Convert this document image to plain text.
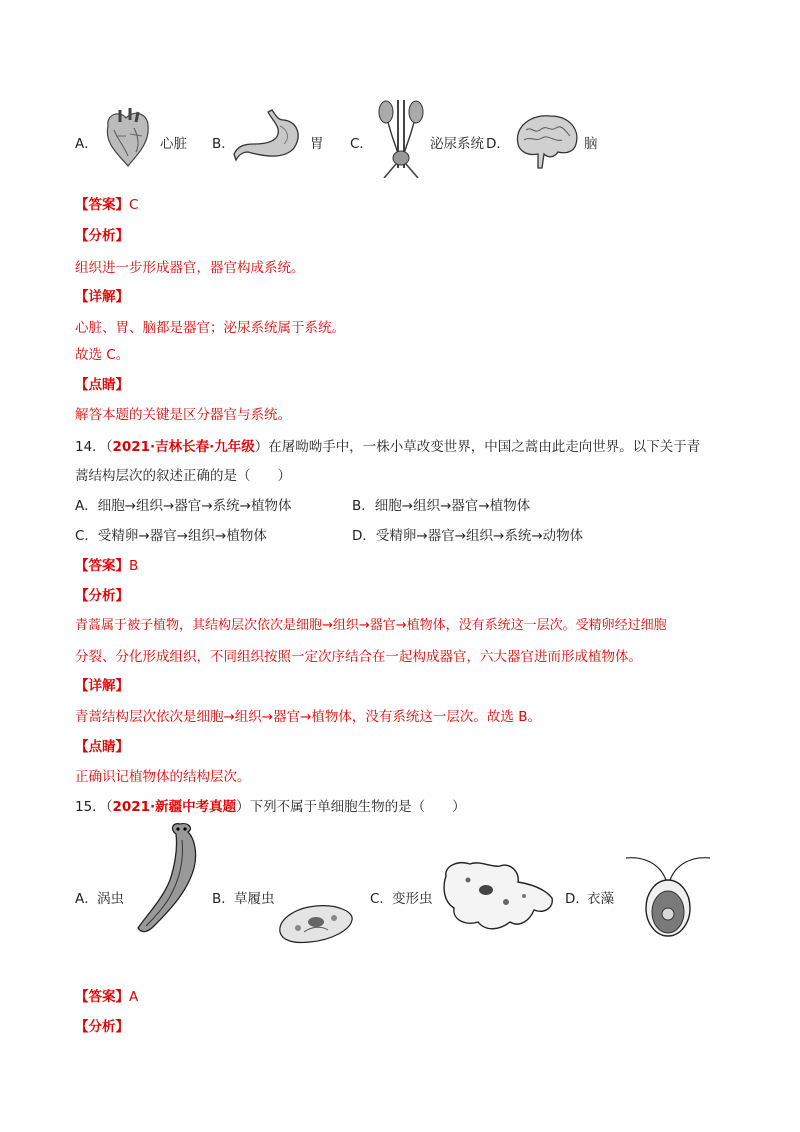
A．	心脏 B．	胃 C．	泌尿系统 D．	脑
【答案】C
【分析】
组织进一步形成器官，器官构成系统。
【详解】
心脏、胃、脑都是器官；泌尿系统属于系统。
故选 C。
【点睛】
解答本题的关键是区分器官与系统。
14．（2021·吉林长春·九年级）在屠呦呦手中，一株小草改变世界，中国之蒿由此走向世界。以下关于青
蒿结构层次的叙述正确的是（　　）
A．细胞→组织→器官→系统→植物体	B．细胞→组织→器官→植物体
C．受精卵→器官→组织→植物体	D．受精卵→器官→组织→系统→动物体
【答案】B
【分析】
青蒿属于被子植物，其结构层次依次是细胞→组织→器官→植物体，没有系统这一层次。受精卵经过细胞
分裂、分化形成组织，不同组织按照一定次序结合在一起构成器官，六大器官进而形成植物体。
【详解】
青蒿结构层次依次是细胞→组织→器官→植物体，没有系统这一层次。故选 B。
【点睛】
正确识记植物体的结构层次。
15．（2021·新疆中考真题）下列不属于单细胞生物的是（　　）
A． 涡虫	B． 草履虫	C． 变形虫	D．
衣藻
【答案】A
【分析】
